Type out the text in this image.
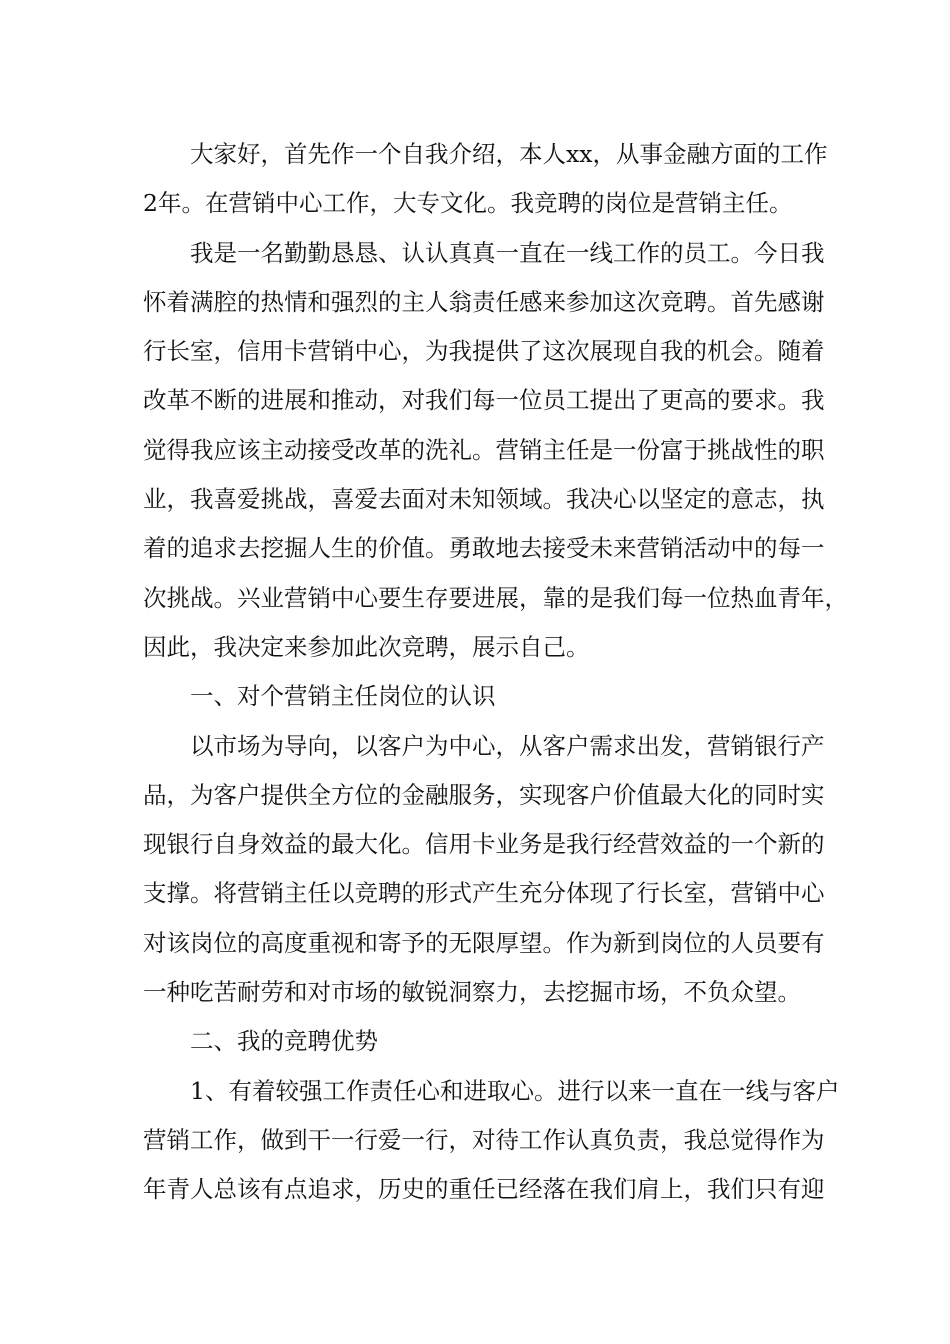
大家好，首先作一个自我介绍，本人xx，从事金融方面的工作
2年。在营销中心工作，大专文化。我竞聘的岗位是营销主任。
我是一名勤勤恳恳、认认真真一直在一线工作的员工。今日我
怀着满腔的热情和强烈的主人翁责任感来参加这次竞聘。首先感谢
行长室，信用卡营销中心，为我提供了这次展现自我的机会。随着
改革不断的进展和推动，对我们每一位员工提出了更高的要求。我
觉得我应该主动接受改革的洗礼。营销主任是一份富于挑战性的职
业，我喜爱挑战，喜爱去面对未知领域。我决心以坚定的意志，执
着的追求去挖掘人生的价值。勇敢地去接受未来营销活动中的每一
次挑战。兴业营销中心要生存要进展，靠的是我们每一位热血青年，
因此，我决定来参加此次竞聘，展示自己。
一、对个营销主任岗位的认识
以市场为导向，以客户为中心，从客户需求出发，营销银行产
品，为客户提供全方位的金融服务，实现客户价值最大化的同时实
现银行自身效益的最大化。信用卡业务是我行经营效益的一个新的
支撑。将营销主任以竞聘的形式产生充分体现了行长室，营销中心
对该岗位的高度重视和寄予的无限厚望。作为新到岗位的人员要有
一种吃苦耐劳和对市场的敏锐洞察力，去挖掘市场，不负众望。
二、我的竞聘优势
1、有着较强工作责任心和进取心。进行以来一直在一线与客户
营销工作，做到干一行爱一行，对待工作认真负责，我总觉得作为
年青人总该有点追求，历史的重任已经落在我们肩上，我们只有迎
